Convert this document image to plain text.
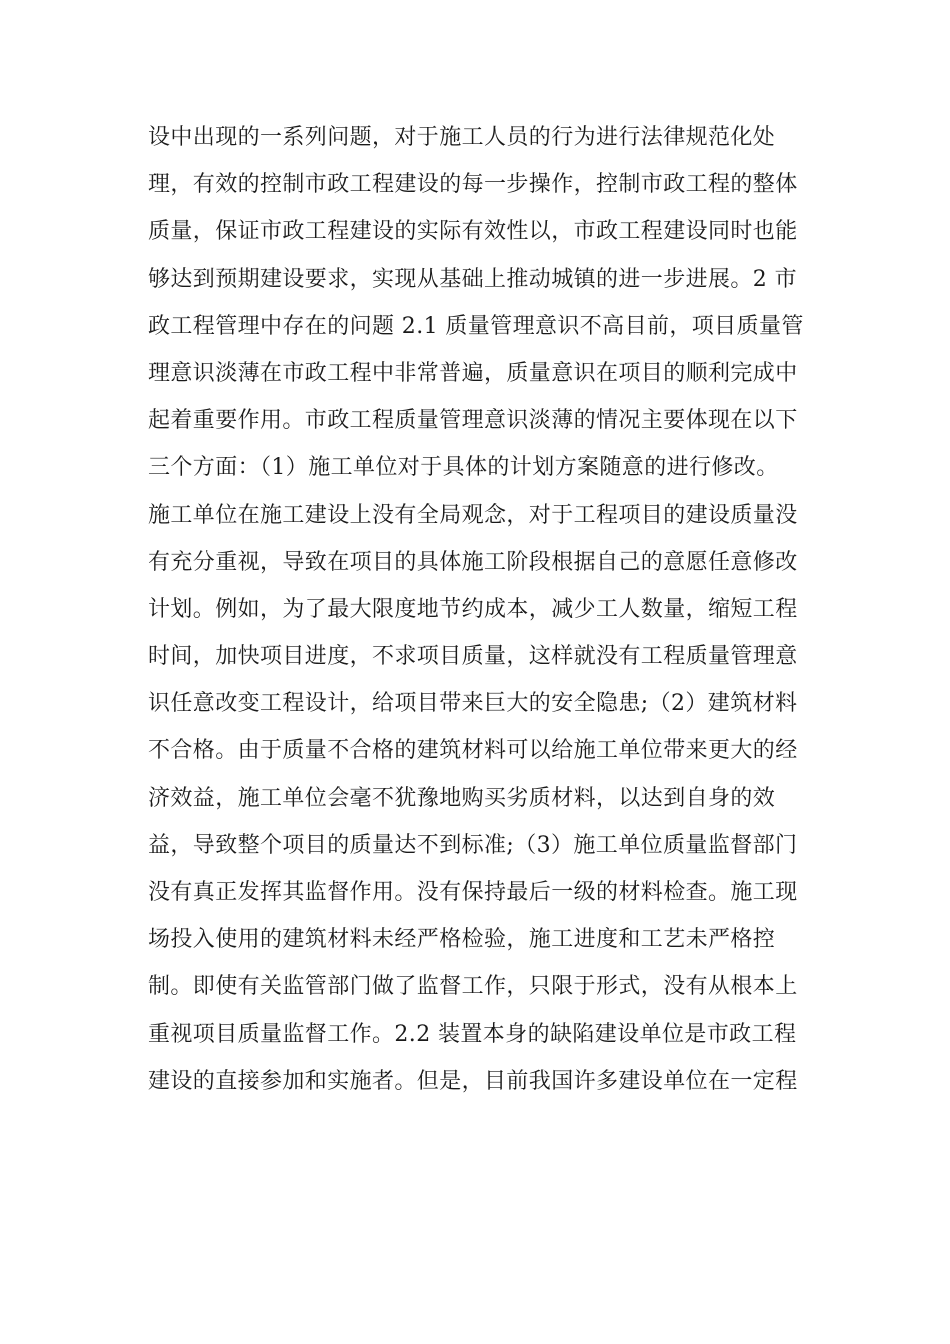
设中出现的一系列问题，对于施工人员的行为进行法律规范化处
理，有效的控制市政工程建设的每一步操作，控制市政工程的整体
质量，保证市政工程建设的实际有效性以，市政工程建设同时也能
够达到预期建设要求，实现从基础上推动城镇的进一步进展。2 市
政工程管理中存在的问题 2.1 质量管理意识不高目前，项目质量管
理意识淡薄在市政工程中非常普遍，质量意识在项目的顺利完成中
起着重要作用。市政工程质量管理意识淡薄的情况主要体现在以下
三个方面：（1）施工单位对于具体的计划方案随意的进行修改。
施工单位在施工建设上没有全局观念，对于工程项目的建设质量没
有充分重视，导致在项目的具体施工阶段根据自己的意愿任意修改
计划。例如，为了最大限度地节约成本，减少工人数量，缩短工程
时间，加快项目进度，不求项目质量，这样就没有工程质量管理意
识任意改变工程设计，给项目带来巨大的安全隐患;（2）建筑材料
不合格。由于质量不合格的建筑材料可以给施工单位带来更大的经
济效益，施工单位会毫不犹豫地购买劣质材料，以达到自身的效
益，导致整个项目的质量达不到标准;（3）施工单位质量监督部门
没有真正发挥其监督作用。没有保持最后一级的材料检查。施工现
场投入使用的建筑材料未经严格检验，施工进度和工艺未严格控
制。即使有关监管部门做了监督工作，只限于形式，没有从根本上
重视项目质量监督工作。2.2 装置本身的缺陷建设单位是市政工程
建设的直接参加和实施者。但是，目前我国许多建设单位在一定程
